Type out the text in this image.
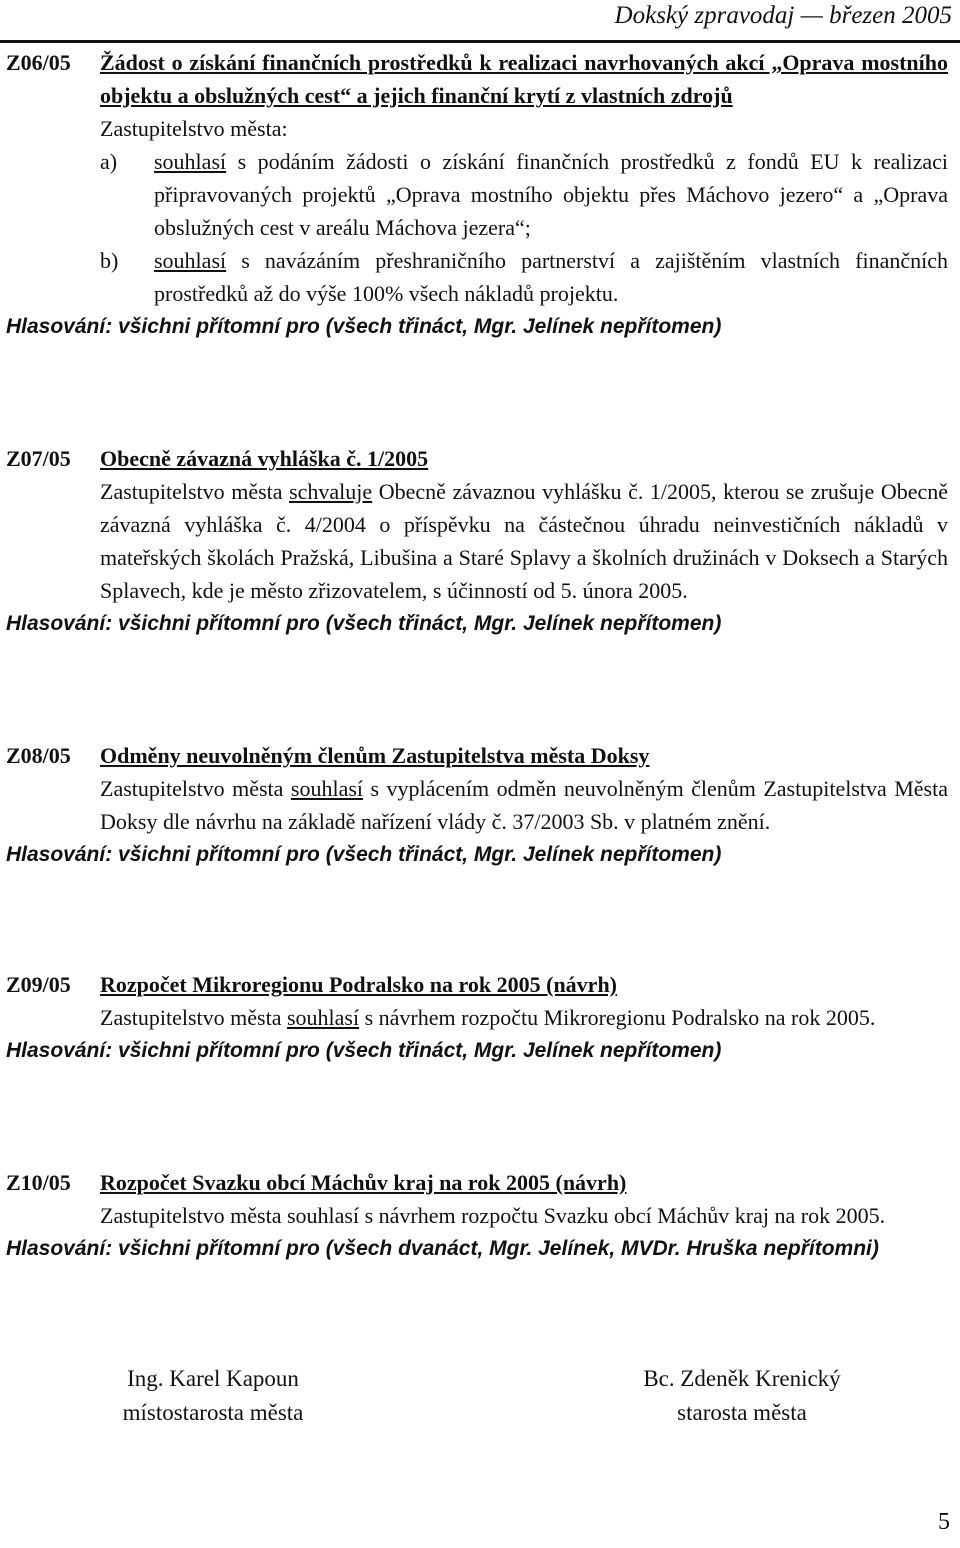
Dokský zpravodaj — březen 2005
Z06/05	Žádost o získání finančních prostředků k realizaci navrhovaných akcí „Oprava mostního objektu a obslužných cest“ a jejich finanční krytí z vlastních zdrojů
Zastupitelstvo města:
a)	souhlasí s podáním žádosti o získání finančních prostředků z fondů EU k realizaci připravovaných projektů „Oprava mostního objektu přes Máchovo jezero“ a „Oprava obslužných cest v areálu Máchova jezera“;
b)	souhlasí s navázáním přeshraničního partnerství a zajištěním vlastních finančních prostředků až do výše 100% všech nákladů projektu.
Hlasování: všichni přítomní pro (všech třináct, Mgr. Jelínek nepřítomen)
Z07/05	Obecně závazná vyhláška č. 1/2005
Zastupitelstvo města schvaluje Obecně závaznou vyhlášku č. 1/2005, kterou se zrušuje Obecně závazná vyhláška č. 4/2004 o příspěvku na částečnou úhradu neinvestičních nákladů v mateřských školách Pražská, Libušina a Staré Splavy a školních družinách v Doksech a Starých Splavech, kde je město zřizovatelem, s účinností od 5. února 2005.
Hlasování: všichni přítomní pro (všech třináct, Mgr. Jelínek nepřítomen)
Z08/05	Odměny neuvolněným členům Zastupitelstva města Doksy
Zastupitelstvo města souhlasí s vyplácením odměn neuvolněným členům Zastupitelstva Města Doksy dle návrhu na základě nařízení vlády č. 37/2003 Sb. v platném znění.
Hlasování: všichni přítomní pro (všech třináct, Mgr. Jelínek nepřítomen)
Z09/05	Rozpočet Mikroregionu Podralsko na rok 2005 (návrh)
Zastupitelstvo města souhlasí s návrhem rozpočtu Mikroregionu Podralsko na rok 2005.
Hlasování: všichni přítomní pro (všech třináct, Mgr. Jelínek nepřítomen)
Z10/05	Rozpočet Svazku obcí Máchův kraj na rok 2005 (návrh)
Zastupitelstvo města souhlasí s návrhem rozpočtu Svazku obcí Máchův kraj na rok 2005.
Hlasování: všichni přítomní pro (všech dvanáct, Mgr. Jelínek, MVDr. Hruška nepřítomni)
Ing. Karel Kapoun
místostarosta města
Bc. Zdeněk Krenický
starosta města
5
